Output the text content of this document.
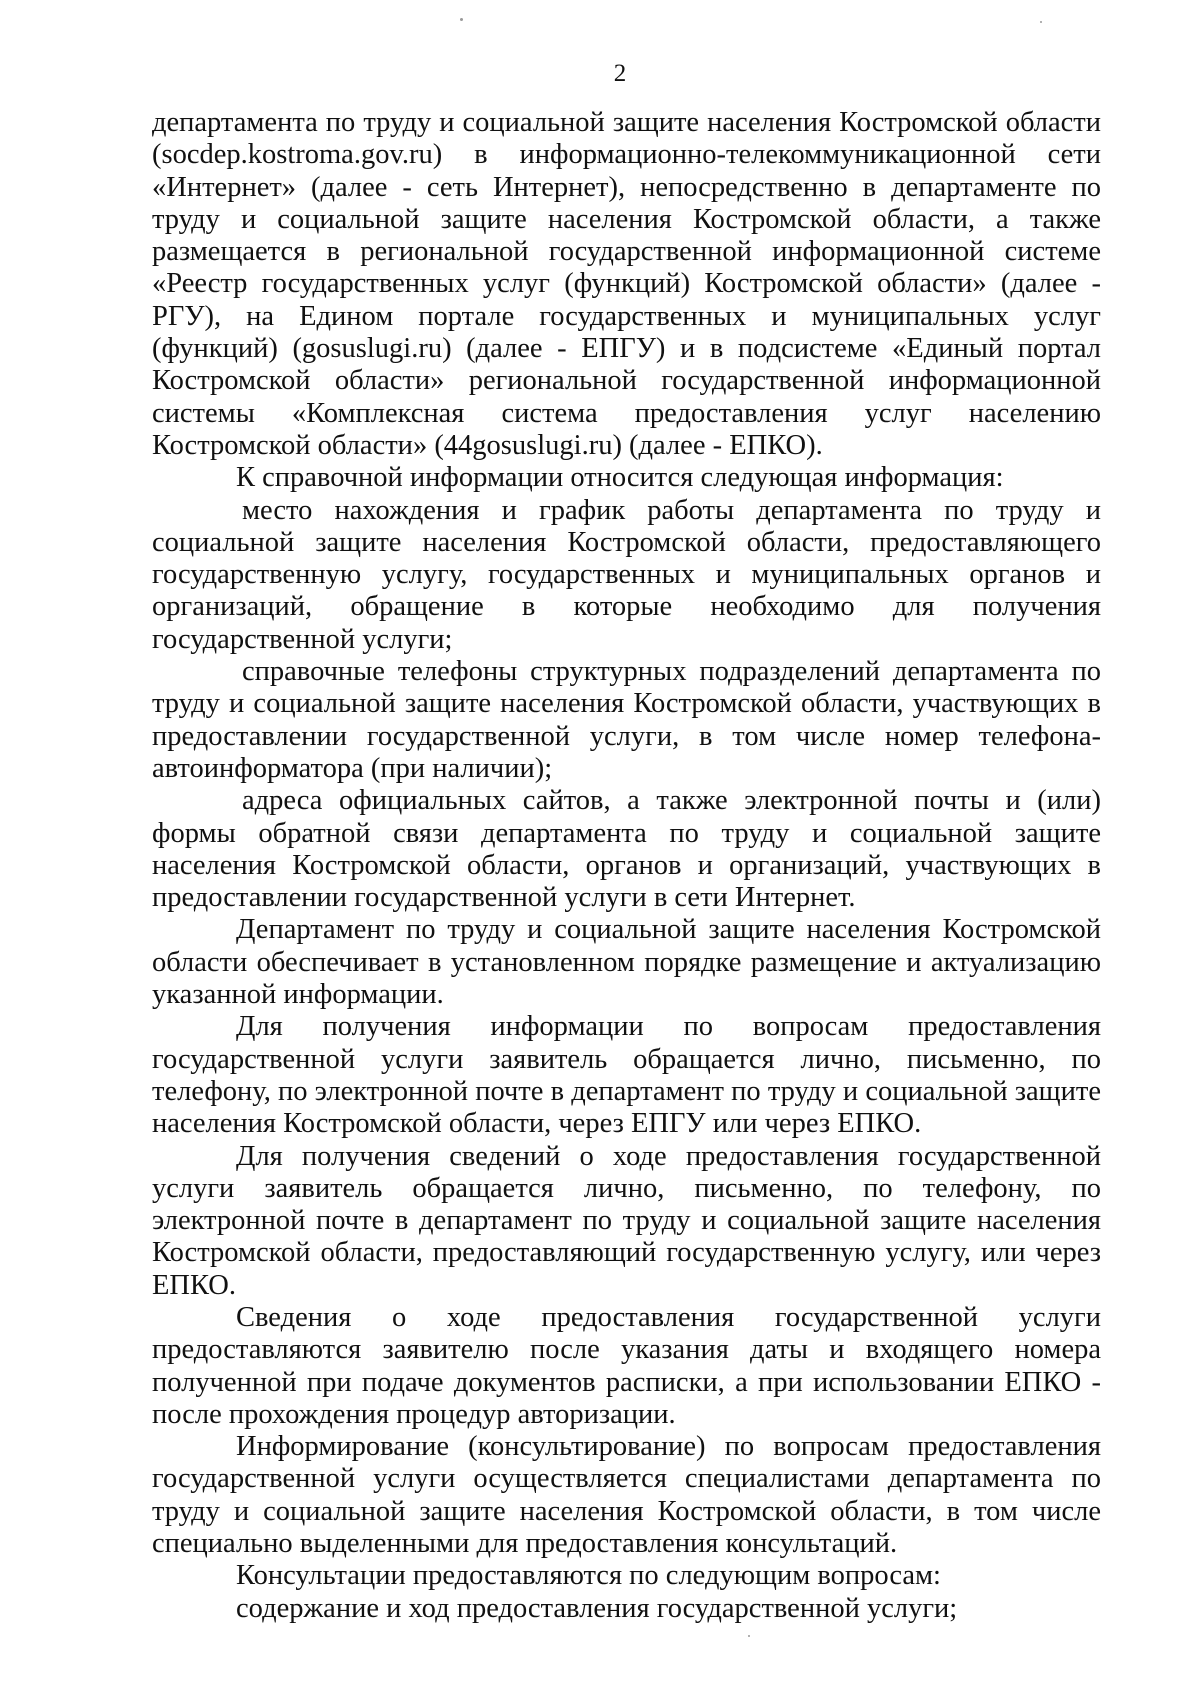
2

департамента по труду и социальной защите населения Костромской области (socdep.kostroma.gov.ru) в информационно-телекоммуникационной сети «Интернет» (далее - сеть Интернет), непосредственно в департаменте по труду и социальной защите населения Костромской области, а также размещается в региональной государственной информационной системе «Реестр государственных услуг (функций) Костромской области» (далее - РГУ), на Едином портале государственных и муниципальных услуг (функций) (gosuslugi.ru) (далее - ЕПГУ) и в подсистеме «Единый портал Костромской области» региональной государственной информационной системы «Комплексная система предоставления услуг населению Костромской области» (44gosuslugi.ru) (далее - ЕПКО).

К справочной информации относится следующая информация:

место нахождения и график работы департамента по труду и социальной защите населения Костромской области, предоставляющего государственную услугу, государственных и муниципальных органов и организаций, обращение в которые необходимо для получения государственной услуги;

справочные телефоны структурных подразделений департамента по труду и социальной защите населения Костромской области, участвующих в предоставлении государственной услуги, в том числе номер телефона-автоинформатора (при наличии);

адреса официальных сайтов, а также электронной почты и (или) формы обратной связи департамента по труду и социальной защите населения Костромской области, органов и организаций, участвующих в предоставлении государственной услуги в сети Интернет.

Департамент по труду и социальной защите населения Костромской области обеспечивает в установленном порядке размещение и актуализацию указанной информации.

Для получения информации по вопросам предоставления государственной услуги заявитель обращается лично, письменно, по телефону, по электронной почте в департамент по труду и социальной защите населения Костромской области, через ЕПГУ или через ЕПКО.

Для получения сведений о ходе предоставления государственной услуги заявитель обращается лично, письменно, по телефону, по электронной почте в департамент по труду и социальной защите населения Костромской области, предоставляющий государственную услугу, или через ЕПКО.

Сведения о ходе предоставления государственной услуги предоставляются заявителю после указания даты и входящего номера полученной при подаче документов расписки, а при использовании ЕПКО - после прохождения процедур авторизации.

Информирование (консультирование) по вопросам предоставления государственной услуги осуществляется специалистами департамента по труду и социальной защите населения Костромской области, в том числе специально выделенными для предоставления консультаций.

Консультации предоставляются по следующим вопросам:

содержание и ход предоставления государственной услуги;
